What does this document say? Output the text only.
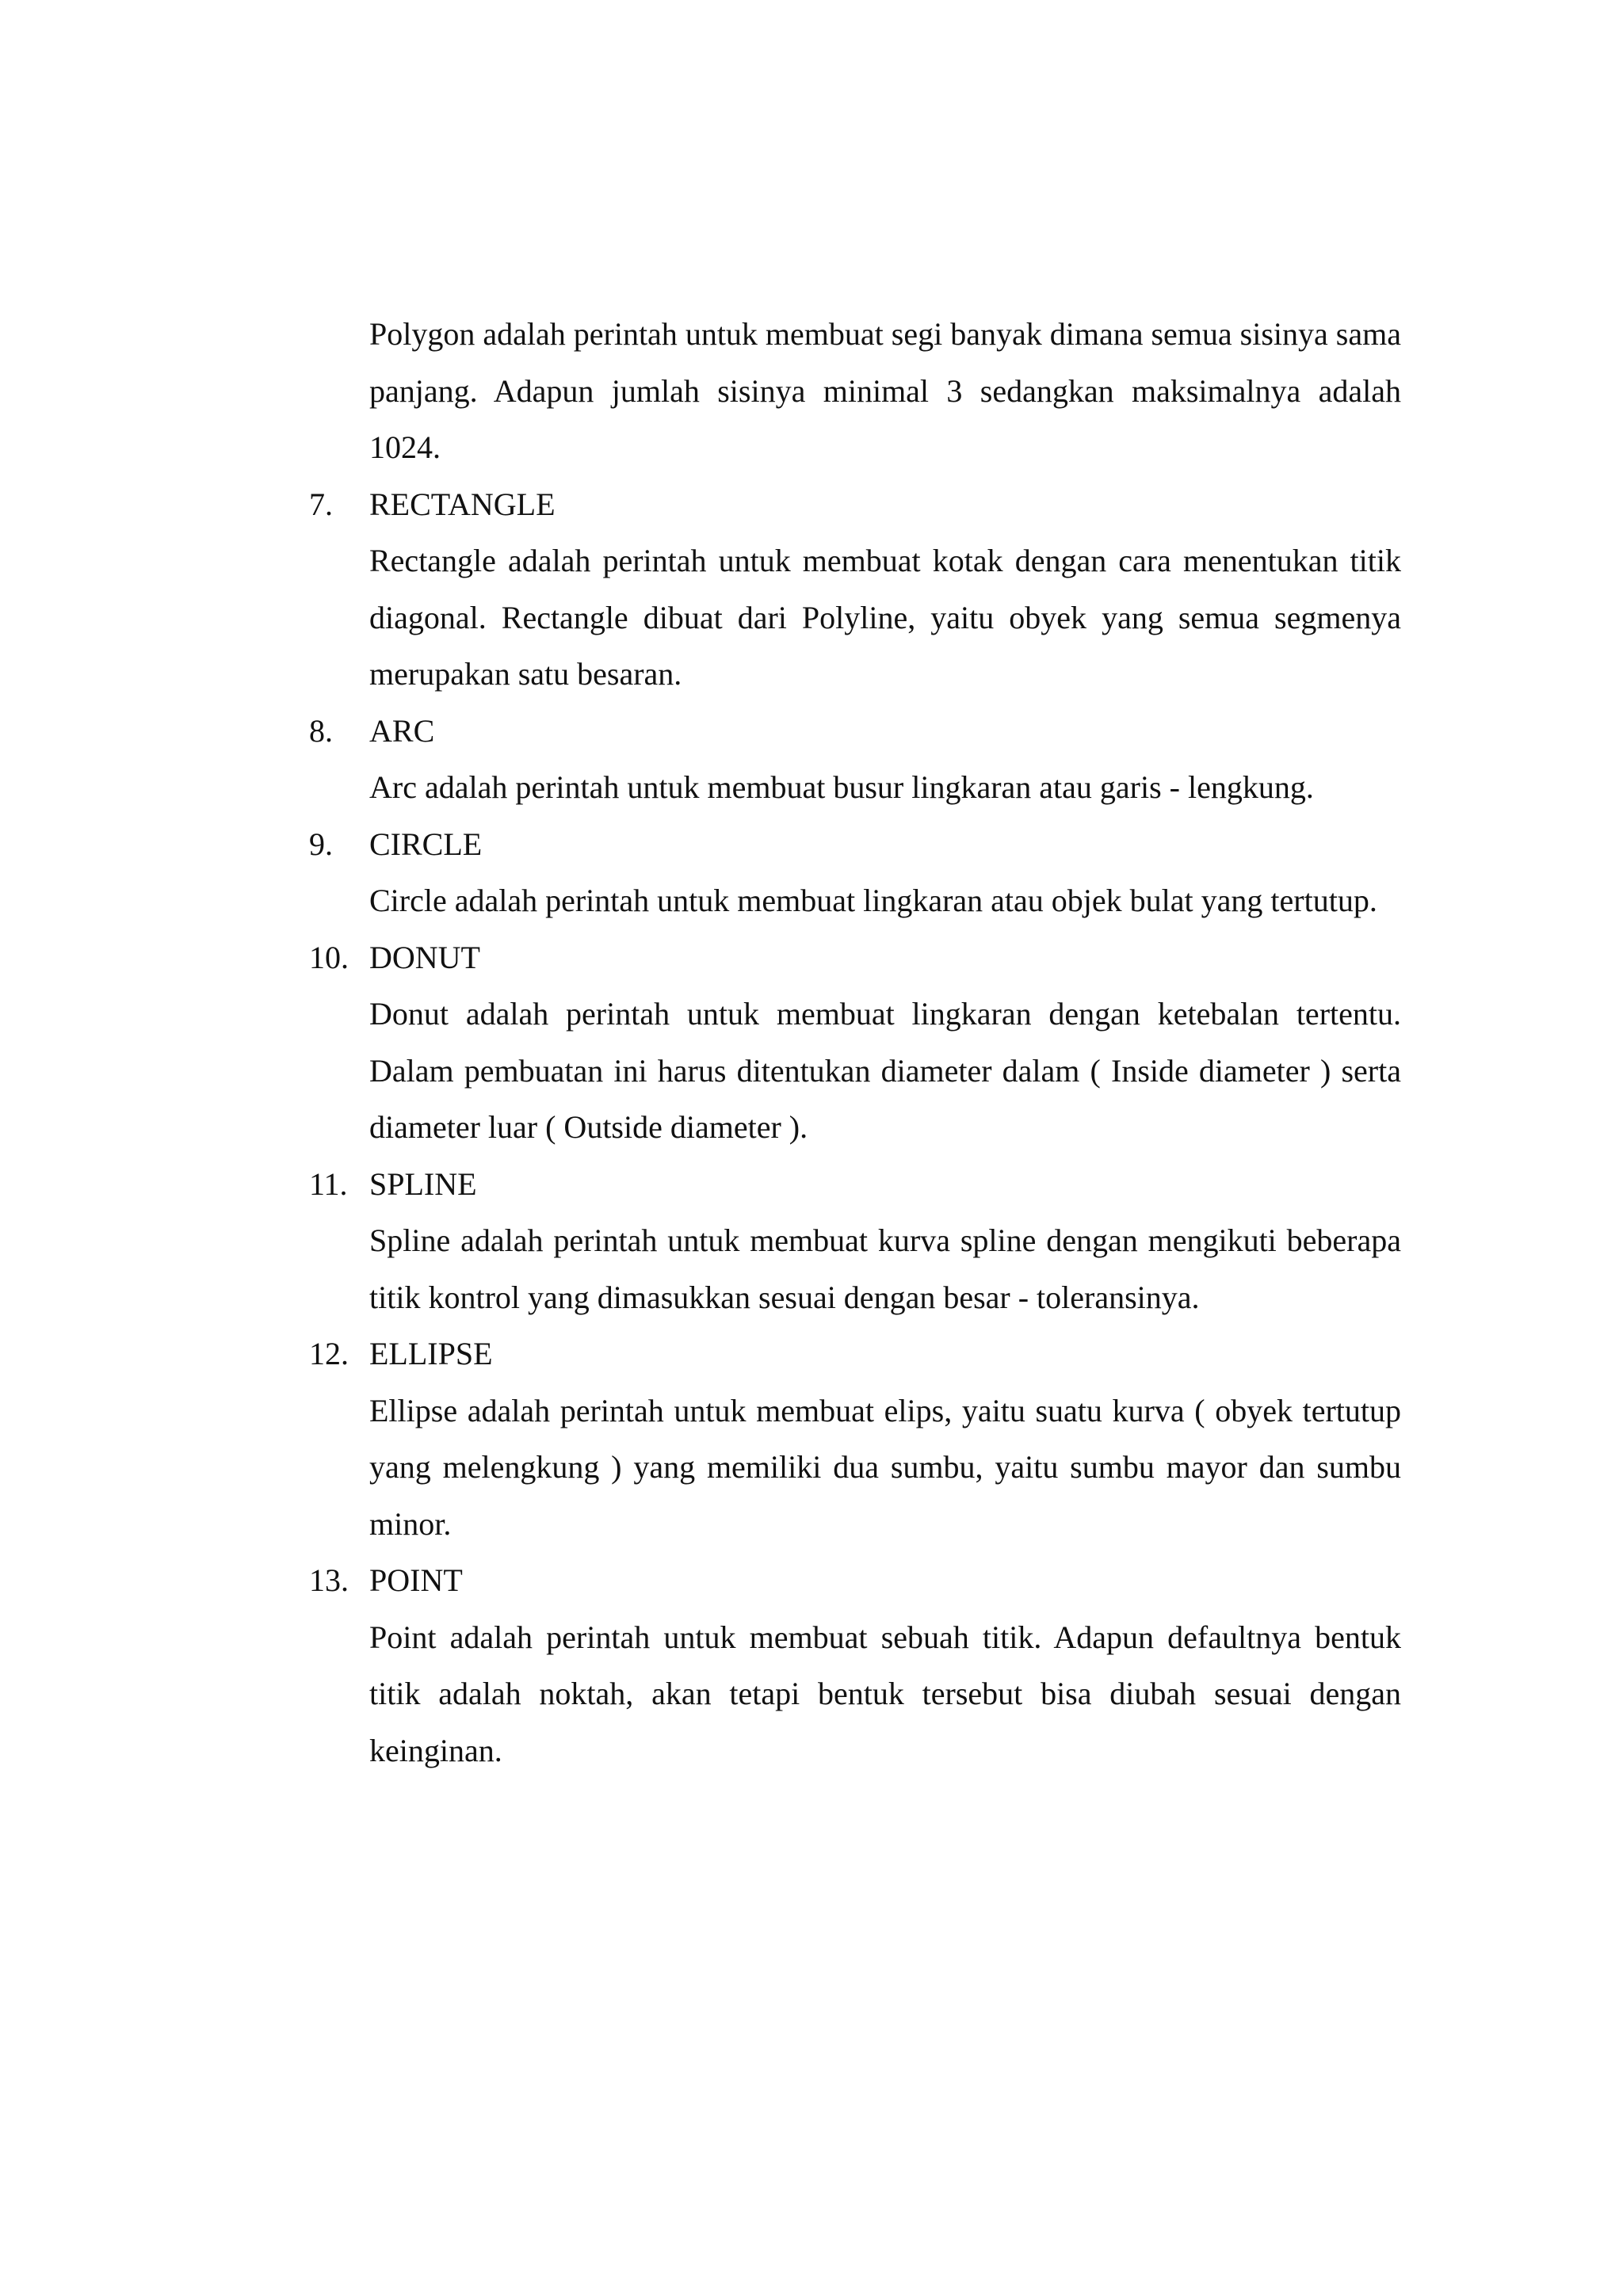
Polygon adalah perintah untuk membuat segi banyak dimana semua sisinya sama panjang. Adapun jumlah sisinya minimal 3 sedangkan maksimalnya adalah 1024.

7.	RECTANGLE

Rectangle adalah perintah untuk membuat kotak dengan cara menentukan titik diagonal. Rectangle dibuat dari Polyline, yaitu obyek yang semua segmenya merupakan satu besaran.

8.	ARC

Arc adalah perintah untuk membuat busur lingkaran atau garis - lengkung.

9.	CIRCLE

Circle adalah perintah untuk membuat lingkaran atau objek bulat yang tertutup.

10. DONUT

Donut adalah perintah untuk membuat lingkaran dengan ketebalan tertentu. Dalam pembuatan ini harus ditentukan diameter dalam ( Inside diameter ) serta diameter luar ( Outside diameter ).

11. SPLINE

Spline adalah perintah untuk membuat kurva spline dengan mengikuti beberapa titik kontrol yang dimasukkan sesuai dengan besar - toleransinya.

12. ELLIPSE

Ellipse adalah perintah untuk membuat elips, yaitu suatu kurva ( obyek tertutup yang melengkung ) yang memiliki dua sumbu, yaitu sumbu mayor dan sumbu minor.

13. POINT

Point adalah perintah untuk membuat sebuah titik. Adapun defaultnya bentuk titik adalah noktah, akan tetapi bentuk tersebut bisa diubah sesuai dengan keinginan.
